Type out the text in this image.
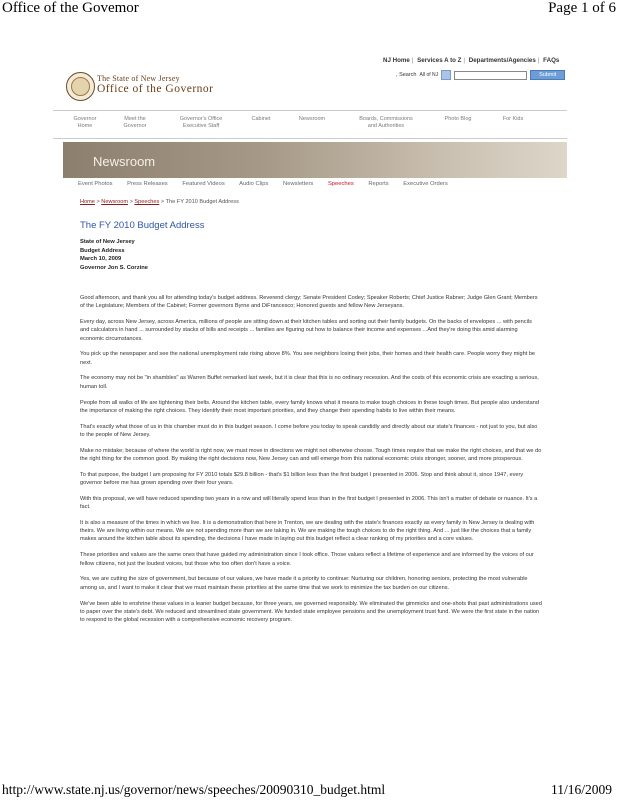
Office of the Govemor	Page 1 of 6
NJ Home | Services A to Z | Departments/Agencies | FAQs
, Search All of NJ	Submit
The State of New Jersey
Office of the Governor
Governor
Home
Meet the
Governor
Governor's Office
Executive Staff
Cabinet	Newsroom	Boards, Commissions
and Authorities
Photo Blog	For Kids
Newsroom
Event Photos	Press Releases	Featured Videos Audio Clips	Newsletters	Speeches	Reports	Executive Orders
Home > Newsroom > Speeches > The FY 2010 Budget Address
The FY 2010 Budget Address
State of New Jersey
Budget Address
March 10, 2009
Governor Jon S. Corzine

Good afternoon, and thank you all for attending today's budget address. Reverend clergy; Senate President Codey; Speaker Roberts; Chief Justice Rabner; Judge Glen Grant; Members of the Legislature; Members of the Cabinet; Former governors Byrne and DiFrancesco; Honored guests and fellow New Jerseyans.

Every day, across New Jersey, across America, millions of people are sitting down at their kitchen tables and sorting out their family budgets. On the backs of envelopes ... with pencils and calculators in hand ... surrounded by stacks of bills and receipts ... families are figuring out how to balance their income and expenses ...And they're doing this amid alarming economic circumstances.

You pick up the newspaper and see the national unemployment rate rising above 8%. You see neighbors losing their jobs, their homes and their health care. People worry they might be next.

The economy may not be "in shambles" as Warren Buffet remarked last week, but it is clear that this is no ordinary recession. And the costs of this economic crisis are exacting a serious, human toll.

People from all walks of life are tightening their belts. Around the kitchen table, every family knows what it means to make tough choices in these tough times. But people also understand the importance of making the right choices. They identify their most important priorities, and they change their spending habits to live within their means.

That's exactly what those of us in this chamber must do in this budget season. I come before you today to speak candidly and directly about our state's finances - not just to you, but also to the people of New Jersey.

Make no mistake; because of where the world is right now, we must move in directions we might not otherwise choose. Tough times require that we make the right choices, and that we do the right thing for the common good. By making the right decisions now, New Jersey can and will emerge from this national economic crisis stronger, sooner, and more prosperous.

To that purpose, the budget I am proposing for FY 2010 totals $29.8 billion - that's $1 billion less than the first budget I presented in 2006. Stop and think about it, since 1947, every governor before me has grown spending over their four years.

With this proposal, we will have reduced spending two years in a row and will literally spend less than in the first budget I presented in 2006. This isn't a matter of debate or nuance. It's a fact.

It is also a measure of the times in which we live. It is a demonstration that here in Trenton, we are dealing with the state's finances exactly as every family in New Jersey is dealing with theirs. We are living within our means. We are not spending more than we are taking in. We are making the tough choices to do the right thing. And ... just like the choices that a family makes around the kitchen table about its spending, the decisions I have made in laying out this budget reflect a clear ranking of my priorities and a core values.

These priorities and values are the same ones that have guided my administration since I took office. Those values reflect a lifetime of experience and are informed by the voices of our fellow citizens, not just the loudest voices, but those who too often don't have a voice.

Yes, we are cutting the size of government, but because of our values, we have made it a priority to continue: Nurturing our children, honoring seniors, protecting the most vulnerable among us, and I want to make it clear that we must maintain these priorities at the same time that we work to minimize the tax burden on our citizens.

We've been able to enshrine these values in a leaner budget because, for three years, we governed responsibly. We eliminated the gimmicks and one-shots that past administrations used to paper over the state's debt. We reduced and streamlined state government. We funded state employee pensions and the unemployment trust fund. We were the first state in the nation to respond to the global recession with a comprehensive economic recovery program.

http://www.state.nj.us/governor/news/speeches/20090310_budget.html	11/16/2009
